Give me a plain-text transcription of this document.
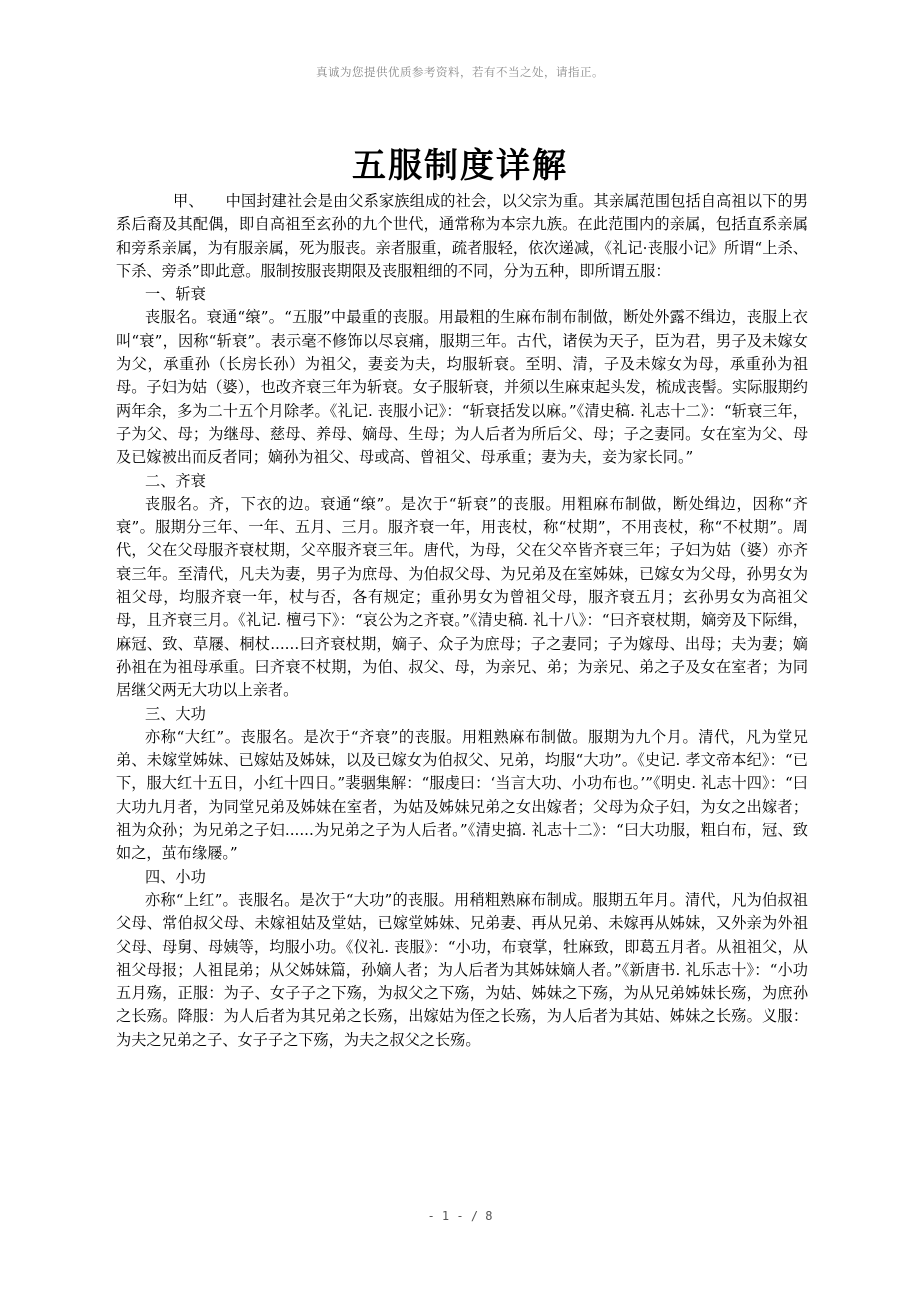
真诚为您提供优质参考资料，若有不当之处，请指正。
五服制度详解

甲、 中国封建社会是由父系家族组成的社会，以父宗为重。其亲属范围包括自高祖以下的男系后裔及其配偶，即自高祖至玄孙的九个世代，通常称为本宗九族。在此范围内的亲属，包括直系亲属和旁系亲属，为有服亲属，死为服丧。亲者服重，疏者服轻，依次递减，《礼记·丧服小记》所谓“上杀、下杀、旁杀”即此意。服制按服丧期限及丧服粗细的不同，分为五种，即所谓五服：

一、斩衰

丧服名。衰通“缞”。“五服”中最重的丧服。用最粗的生麻布制布制做，断处外露不缉边，丧服上衣叫“衰”，因称“斩衰”。表示毫不修饰以尽哀痛，服期三年。古代，诸侯为天子，臣为君，男子及未嫁女为父，承重孙（长房长孙）为祖父，妻妾为夫，均服斩衰。至明、清，子及未嫁女为母，承重孙为祖母。子妇为姑（婆），也改齐衰三年为斩衰。女子服斩衰，并须以生麻束起头发，梳成丧髻。实际服期约两年余，多为二十五个月除孝。《礼记. 丧服小记》：“斩衰括发以麻。”《清史稿. 礼志十二》：“斩衰三年，子为父、母；为继母、慈母、养母、嫡母、生母；为人后者为所后父、母；子之妻同。女在室为父、母及已嫁被出而反者同；嫡孙为祖父、母或高、曾祖父、母承重；妻为夫，妾为家长同。”

二、齐衰

丧服名。齐，下衣的边。衰通“缞”。是次于“斩衰”的丧服。用粗麻布制做，断处缉边，因称“齐衰”。服期分三年、一年、五月、三月。服齐衰一年，用丧杖，称“杖期”，不用丧杖，称“不杖期”。周代，父在父母服齐衰杖期，父卒服齐衰三年。唐代，为母，父在父卒皆齐衰三年；子妇为姑（婆）亦齐衰三年。至清代，凡夫为妻，男子为庶母、为伯叔父母、为兄弟及在室姊妹，已嫁女为父母，孙男女为祖父母，均服齐衰一年，杖与否，各有规定；重孙男女为曾祖父母，服齐衰五月；玄孙男女为高祖父母，且齐衰三月。《礼记. 檀弓下》：“哀公为之齐衰。”《清史稿. 礼十八》：“曰齐衰杖期，嫡旁及下际缉，麻冠、致、草屦、桐杖......曰齐衰杖期，嫡子、众子为庶母；子之妻同；子为嫁母、出母；夫为妻；嫡孙祖在为祖母承重。曰齐衰不杖期，为伯、叔父、母，为亲兄、弟；为亲兄、弟之子及女在室者；为同居继父两无大功以上亲者。

三、大功

亦称“大红”。丧服名。是次于“齐衰”的丧服。用粗熟麻布制做。服期为九个月。清代，凡为堂兄弟、未嫁堂姊妹、已嫁姑及姊妹，以及已嫁女为伯叔父、兄弟，均服“大功”。《史记. 孝文帝本纪》：“已下，服大红十五日，小红十四日。”裴骃集解：“服虔曰：‘当言大功、小功布也。’”《明史. 礼志十四》：“曰大功九月者，为同堂兄弟及姊妹在室者，为姑及姊妹兄弟之女出嫁者；父母为众子妇，为女之出嫁者；祖为众孙；为兄弟之子妇......为兄弟之子为人后者。”《清史搞. 礼志十二》：“曰大功服，粗白布，冠、致如之，茧布缘屦。”

四、小功

亦称“上红”。丧服名。是次于“大功”的丧服。用稍粗熟麻布制成。服期五年月。清代，凡为伯叔祖父母、常伯叔父母、未嫁祖姑及堂姑，已嫁堂姊妹、兄弟妻、再从兄弟、未嫁再从姊妹，又外亲为外祖父母、母舅、母姨等，均服小功。《仪礼. 丧服》：“小功，布衰掌，牡麻致，即葛五月者。从祖祖父，从祖父母报；人祖昆弟；从父姊妹篇，孙嫡人者；为人后者为其姊妹嫡人者。”《新唐书. 礼乐志十》：“小功五月殇，正服：为子、女子子之下殇，为叔父之下殇，为姑、姊妹之下殇，为从兄弟姊妹长殇，为庶孙之长殇。降服：为人后者为其兄弟之长殇，出嫁姑为侄之长殇，为人后者为其姑、姊妹之长殇。义服：为夫之兄弟之子、女子子之下殇，为夫之叔父之长殇。

- 1 - / 8
